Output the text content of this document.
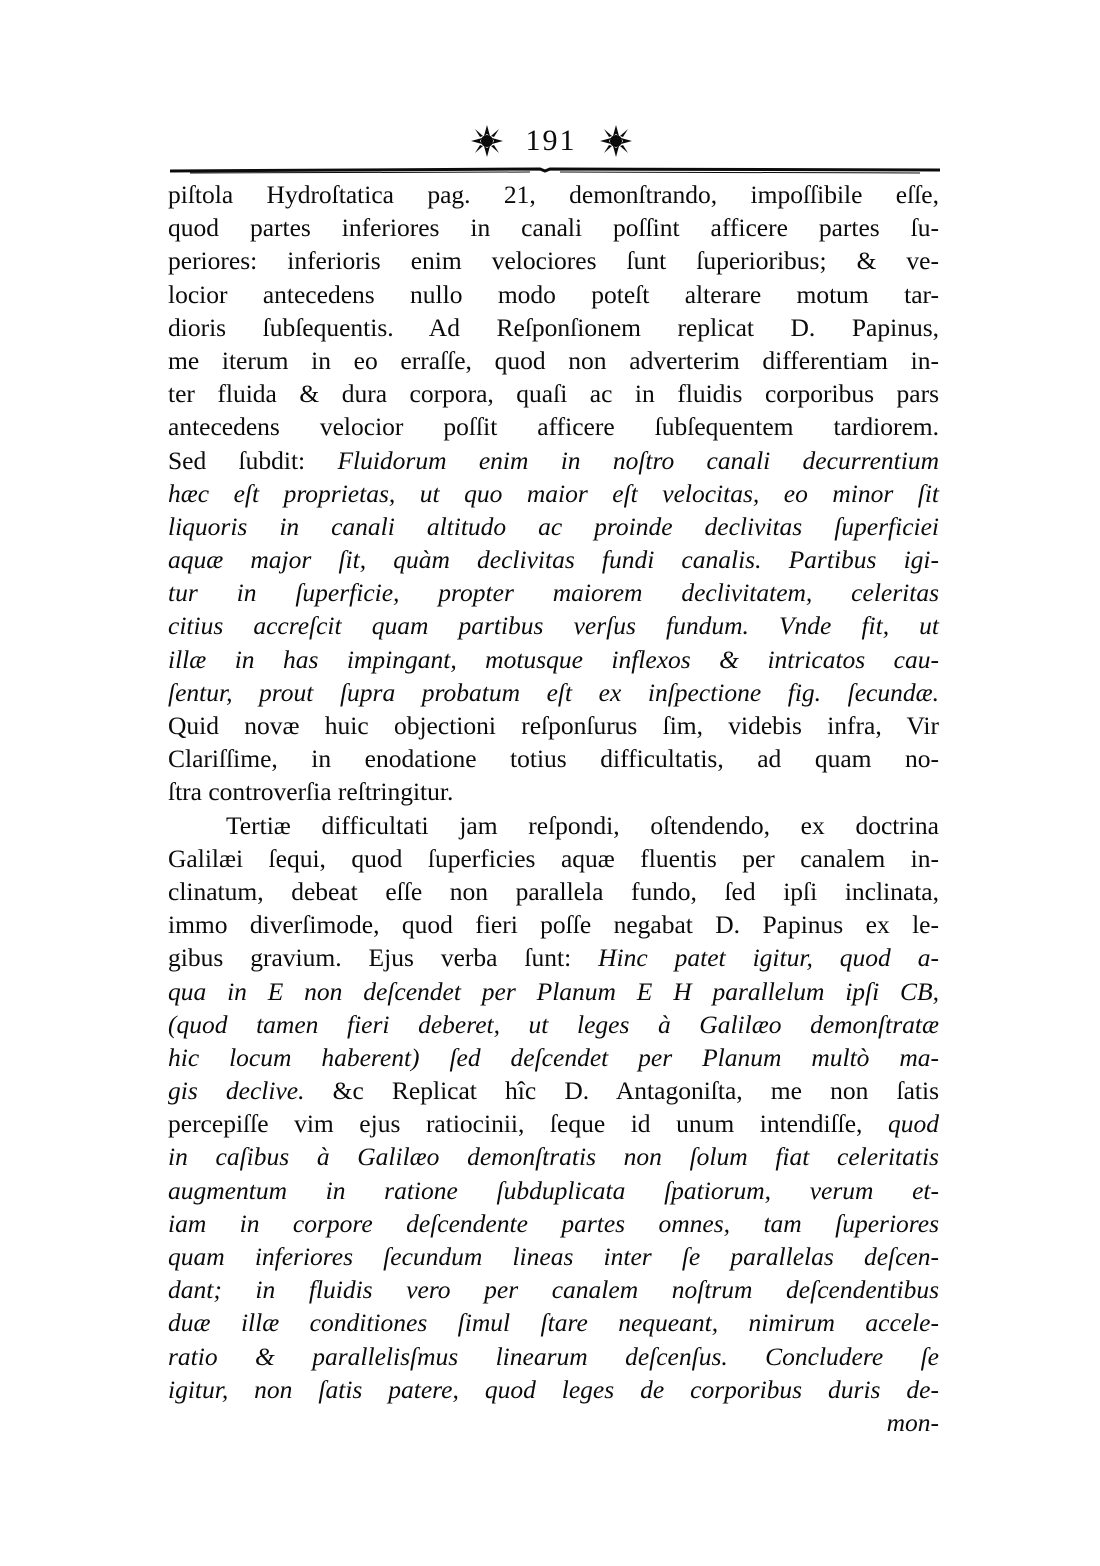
191
piſtola Hydroſtatica pag. 21, demonſtrando, impoſſibile eſſe,
quod partes inferiores in canali poſſint afficere partes ſu-
periores: inferioris enim velociores ſunt ſuperioribus; & ve-
locior antecedens nullo modo poteſt alterare motum tar-
dioris ſubſequentis. Ad Reſponſionem replicat D. Papinus,
me iterum in eo erraſſe, quod non adverterim differentiam in-
ter fluida & dura corpora, quaſi ac in fluidis corporibus pars
antecedens velocior poſſit afficere ſubſequentem tardiorem.
Sed ſubdit: Fluidorum enim in noſtro canali decurrentium
hæc eſt proprietas, ut quo maior eſt velocitas, eo minor ſit
liquoris in canali altitudo ac proinde declivitas ſuperficiei
aquæ major ſit, quàm declivitas fundi canalis. Partibus igi-
tur in ſuperficie, propter maiorem declivitatem, celeritas
citius accreſcit quam partibus verſus fundum. Vnde fit, ut
illæ in has impingant, motusque inflexos & intricatos cau-
ſentur, prout ſupra probatum eſt ex inſpectione fig. ſecundæ.
Quid novæ huic objectioni reſponſurus ſim, videbis infra, Vir
Clariſſime, in enodatione totius difficultatis, ad quam no-
ſtra controverſia reſtringitur.
Tertiæ difficultati jam reſpondi, oſtendendo, ex doctrina
Galilæi ſequi, quod ſuperficies aquæ fluentis per canalem in-
clinatum, debeat eſſe non parallela fundo, ſed ipſi inclinata,
immo diverſimode, quod fieri poſſe negabat D. Papinus ex le-
gibus gravium. Ejus verba ſunt: Hinc patet igitur, quod a-
qua in E non deſcendet per Planum E H parallelum ipſi CB,
(quod tamen fieri deberet, ut leges à Galilæo demonſtratæ
hic locum haberent) ſed deſcendet per Planum multò ma-
gis declive. &c Replicat hîc D. Antagoniſta, me non ſatis
percepiſſe vim ejus ratiocinii, ſeque id unum intendiſſe, quod
in caſibus à Galilæo demonſtratis non ſolum fiat celeritatis
augmentum in ratione ſubduplicata ſpatiorum, verum et-
iam in corpore deſcendente partes omnes, tam ſuperiores
quam inferiores ſecundum lineas inter ſe parallelas deſcen-
dant; in fluidis vero per canalem noſtrum deſcendentibus
duæ illæ conditiones ſimul ſtare nequeant, nimirum accele-
ratio & parallelisſmus linearum deſcenſus. Concludere ſe
igitur, non ſatis patere, quod leges de corporibus duris de-
mon-
